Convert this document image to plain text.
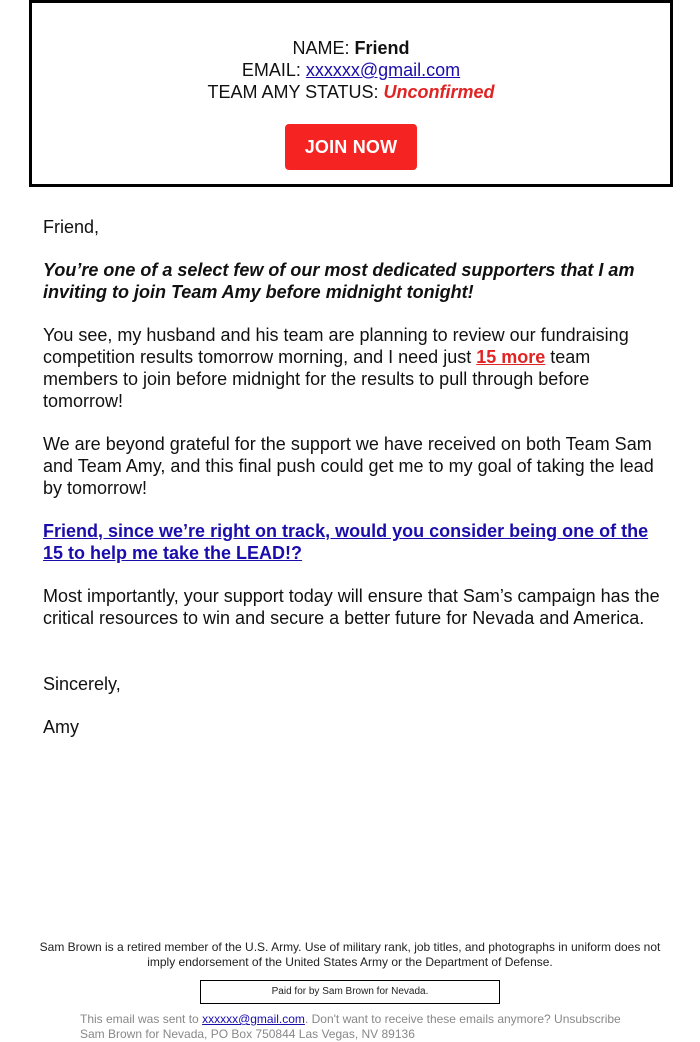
NAME: Friend
EMAIL: xxxxxx@gmail.com
TEAM AMY STATUS: Unconfirmed
JOIN NOW

Friend,

You’re one of a select few of our most dedicated supporters that I am inviting to join Team Amy before midnight tonight!

You see, my husband and his team are planning to review our fundraising competition results tomorrow morning, and I need just 15 more team members to join before midnight for the results to pull through before tomorrow!

We are beyond grateful for the support we have received on both Team Sam and Team Amy, and this final push could get me to my goal of taking the lead by tomorrow!

Friend, since we’re right on track, would you consider being one of the 15 to help me take the LEAD!?

Most importantly, your support today will ensure that Sam’s campaign has the critical resources to win and secure a better future for Nevada and America.

Sincerely,

Amy

Sam Brown is a retired member of the U.S. Army. Use of military rank, job titles, and photographs in uniform does not imply endorsement of the United States Army or the Department of Defense.
Paid for by Sam Brown for Nevada.
This email was sent to xxxxxx@gmail.com. Don't want to receive these emails anymore? Unsubscribe
Sam Brown for Nevada, PO Box 750844 Las Vegas, NV 89136
